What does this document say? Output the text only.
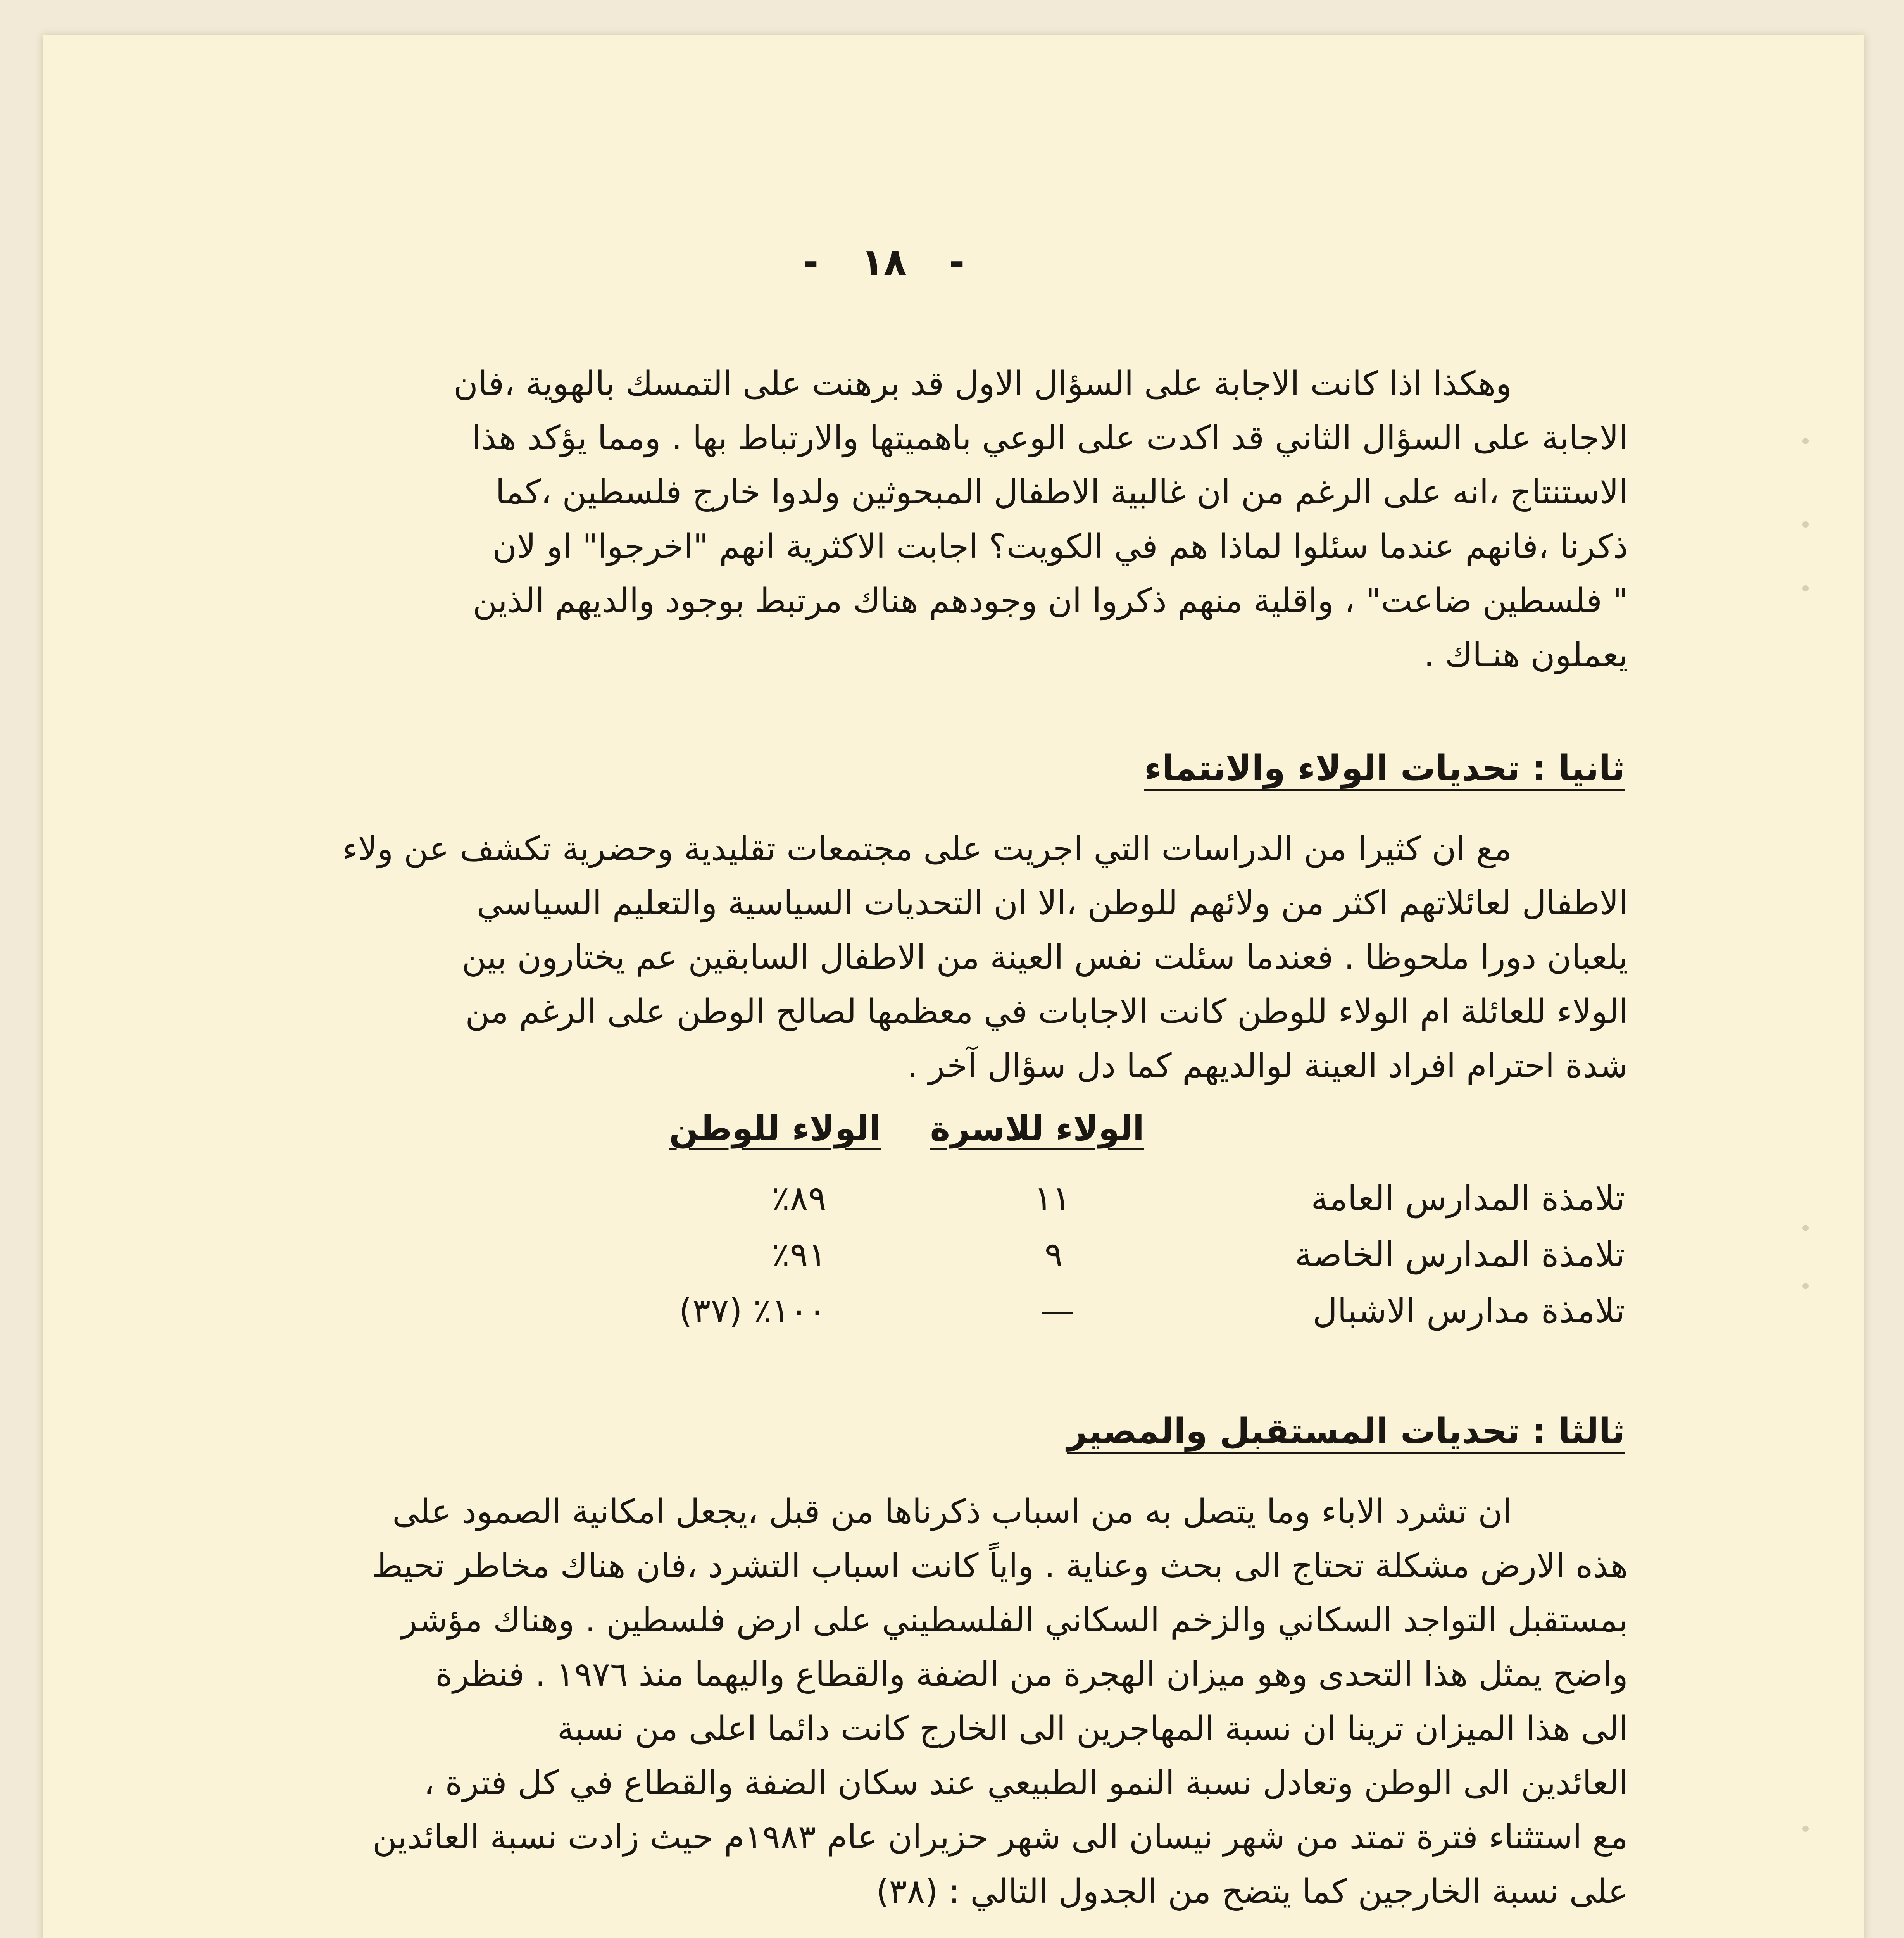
- ١٨ -

وهكذا اذا كانت الاجابة على السؤال الاول قد برهنت على التمسك بالهوية ،فان

الاجابة على السؤال الثاني قد اكدت على الوعي باهميتها والارتباط بها . ومما يؤكد هذا

الاستنتاج ،انه على الرغم من ان غالبية الاطفال المبحوثين ولدوا خارج فلسطين ،كما

ذكرنا ،فانهم عندما سئلوا لماذا هم في الكويت؟ اجابت الاكثرية انهم "اخرجوا" او لان

" فلسطين ضاعت" ، واقلية منهم ذكروا ان وجودهم هناك مرتبط بوجود والديهم الذين

يعملون هنـاك .

ثانيا : تحديات الولاء والانتماء

مع ان كثيرا من الدراسات التي اجريت على مجتمعات تقليدية وحضرية تكشف عن ولاء

الاطفال لعائلاتهم اكثر من ولائهم للوطن ،الا ان التحديات السياسية والتعليم السياسي

يلعبان دورا ملحوظا . فعندما سئلت نفس العينة من الاطفال السابقين عم يختارون بين

الولاء للعائلة ام الولاء للوطن كانت الاجابات في معظمها لصالح الوطن على الرغم من

شدة احترام افراد العينة لوالديهم كما دل سؤال آخر .

الولاء للاسرة
الولاء للوطن
تلامذة المدارس العامة
١١
٨٩٪
تلامذة المدارس الخاصة
٩
٩١٪
تلامذة مدارس الاشبال
—
١٠٠٪ (٣٧)
ثالثا : تحديات المستقبل والمصير

ان تشرد الاباء وما يتصل به من اسباب ذكرناها من قبل ،يجعل امكانية الصمود على

هذه الارض مشكلة تحتاج الى بحث وعناية . واياً كانت اسباب التشرد ،فان هناك مخاطر تحيط

بمستقبل التواجد السكاني والزخم السكاني الفلسطيني على ارض فلسطين . وهناك مؤشر

واضح يمثل هذا التحدى وهو ميزان الهجرة من الضفة والقطاع واليهما منذ ١٩٧٦ . فنظرة

الى هذا الميزان ترينا ان نسبة المهاجرين الى الخارج كانت دائما اعلى من نسبة

العائدين الى الوطن وتعادل نسبة النمو الطبيعي عند سكان الضفة والقطاع في كل فترة ،

مع استثناء فترة تمتد من شهر نيسان الى شهر حزيران عام ١٩٨٣م حيث زادت نسبة العائدين

على نسبة الخارجين كما يتضح من الجدول التالي : (٣٨)
